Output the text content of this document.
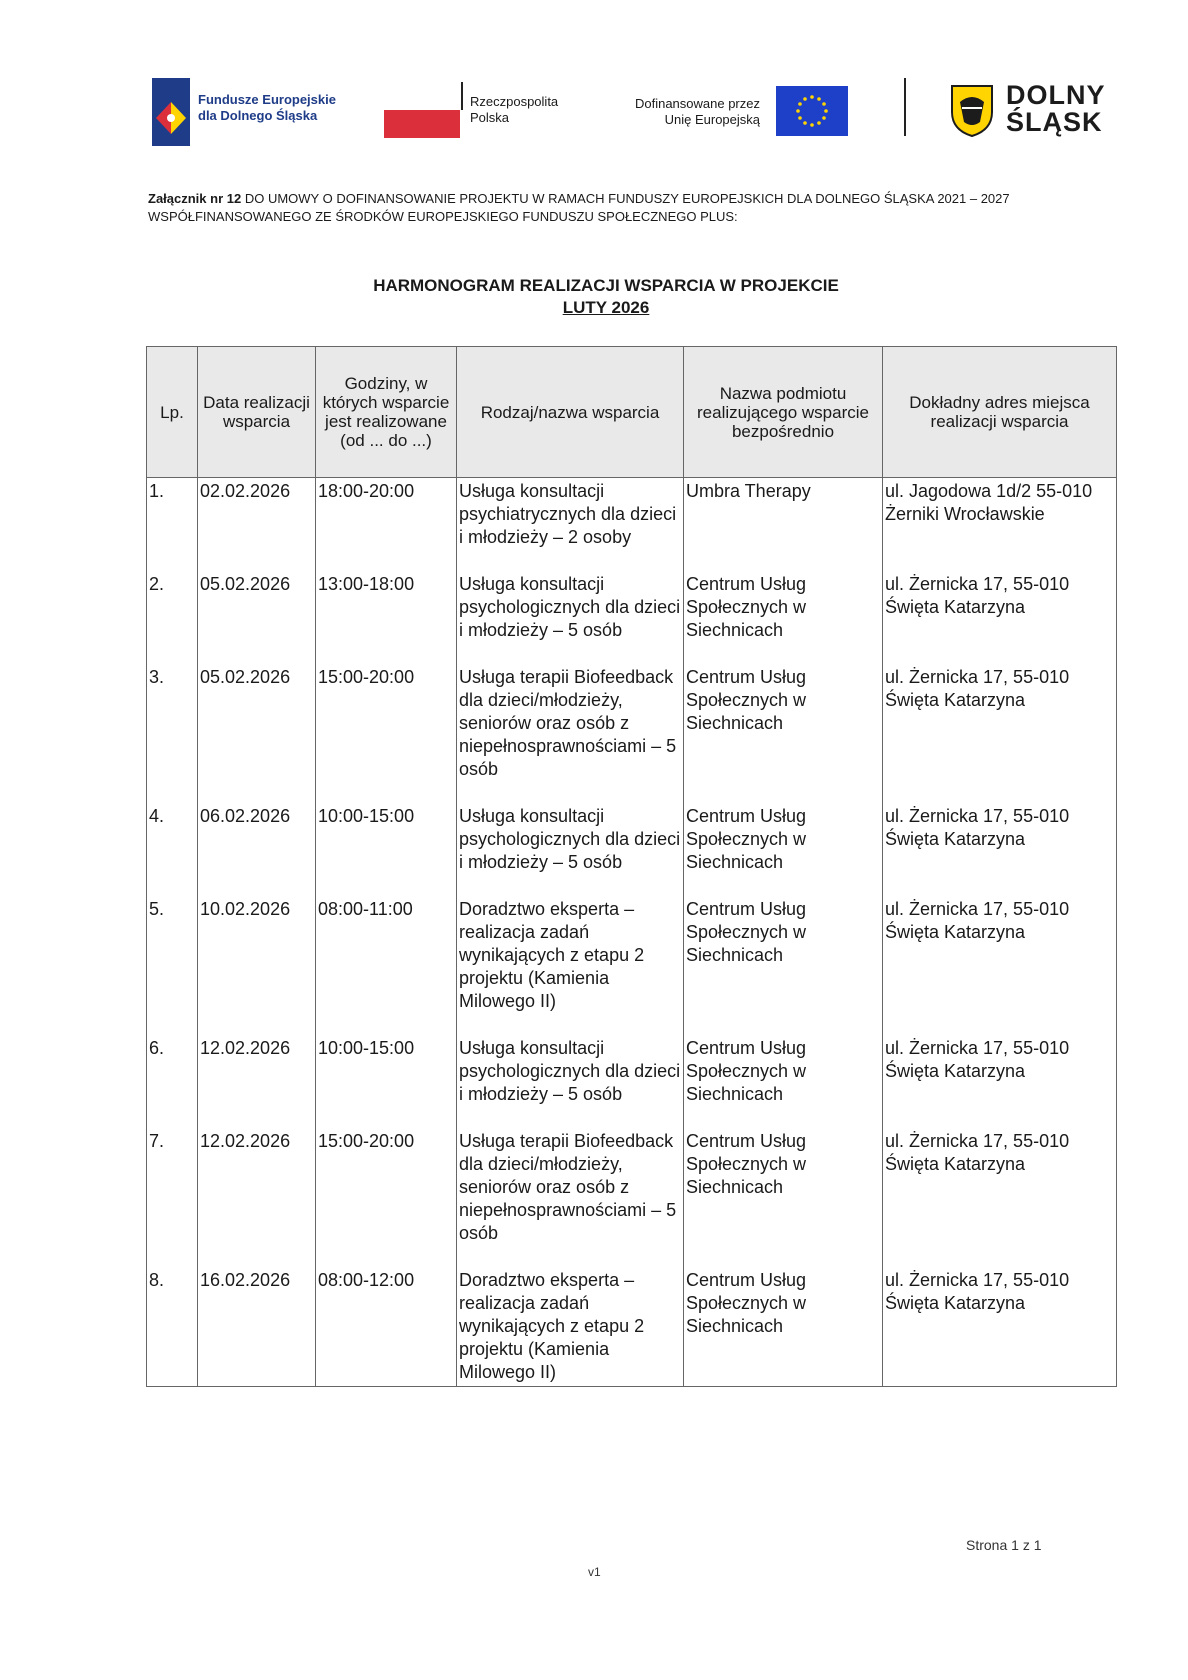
Fundusze Europejskie
dla Dolnego Śląska
Rzeczpospolita
Polska
Dofinansowane przez
Unię Europejską
DOLNY
ŚLĄSK
Załącznik nr 12 DO UMOWY O DOFINANSOWANIE PROJEKTU W RAMACH FUNDUSZY EUROPEJSKICH DLA DOLNEGO ŚLĄSKA 2021 – 2027 WSPÓŁFINANSOWANEGO ZE ŚRODKÓW EUROPEJSKIEGO FUNDUSZU SPOŁECZNEGO PLUS:
HARMONOGRAM REALIZACJI WSPARCIA W PROJEKCIE
LUTY 2026
Lp.	Data realizacji wsparcia	Godziny, w których wsparcie jest realizowane (od ... do ...)	Rodzaj/nazwa wsparcia	Nazwa podmiotu realizującego wsparcie bezpośrednio	Dokładny adres miejsca realizacji wsparcia
1.	02.02.2026	18:00-20:00	Usługa konsultacji psychiatrycznych dla dzieci i młodzieży – 2 osoby	Umbra Therapy	ul. Jagodowa 1d/2 55-010 Żerniki Wrocławskie
2.	05.02.2026	13:00-18:00	Usługa konsultacji psychologicznych dla dzieci i młodzieży – 5 osób	Centrum Usług Społecznych w Siechnicach	ul. Żernicka 17, 55-010 Święta Katarzyna
3.	05.02.2026	15:00-20:00	Usługa terapii Biofeedback dla dzieci/młodzieży, seniorów oraz osób z niepełnosprawnościami – 5 osób	Centrum Usług Społecznych w Siechnicach	ul. Żernicka 17, 55-010 Święta Katarzyna
4.	06.02.2026	10:00-15:00	Usługa konsultacji psychologicznych dla dzieci i młodzieży – 5 osób	Centrum Usług Społecznych w Siechnicach	ul. Żernicka 17, 55-010 Święta Katarzyna
5.	10.02.2026	08:00-11:00	Doradztwo eksperta – realizacja zadań wynikających z etapu 2 projektu (Kamienia Milowego II)	Centrum Usług Społecznych w Siechnicach	ul. Żernicka 17, 55-010 Święta Katarzyna
6.	12.02.2026	10:00-15:00	Usługa konsultacji psychologicznych dla dzieci i młodzieży – 5 osób	Centrum Usług Społecznych w Siechnicach	ul. Żernicka 17, 55-010 Święta Katarzyna
7.	12.02.2026	15:00-20:00	Usługa terapii Biofeedback dla dzieci/młodzieży, seniorów oraz osób z niepełnosprawnościami – 5 osób	Centrum Usług Społecznych w Siechnicach	ul. Żernicka 17, 55-010 Święta Katarzyna
8.	16.02.2026	08:00-12:00	Doradztwo eksperta – realizacja zadań wynikających z etapu 2 projektu (Kamienia Milowego II)	Centrum Usług Społecznych w Siechnicach	ul. Żernicka 17, 55-010 Święta Katarzyna
Strona 1 z 1
v1
